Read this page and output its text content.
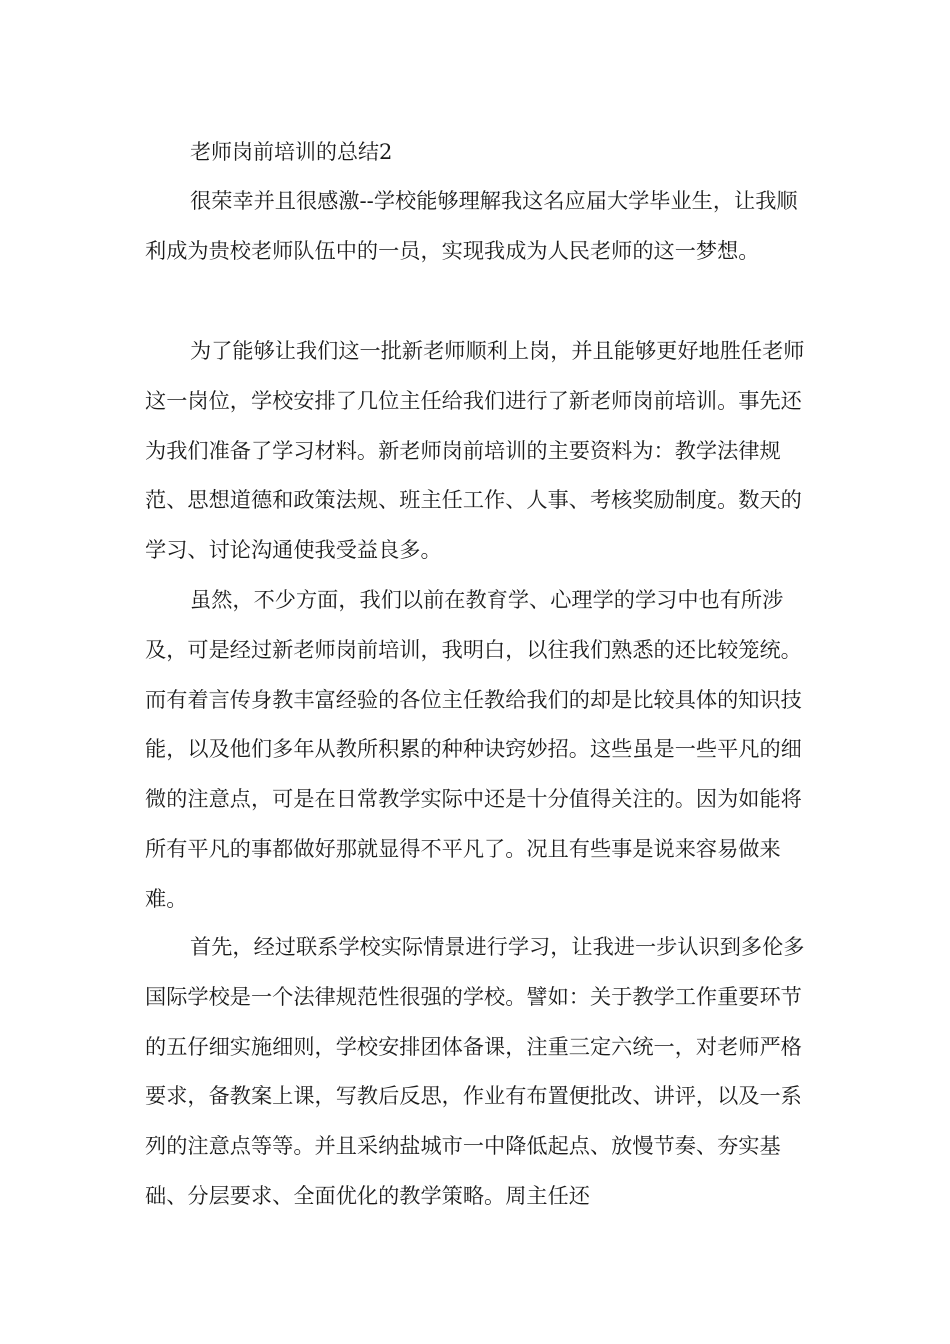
老师岗前培训的总结2

很荣幸并且很感激--学校能够理解我这名应届大学毕业生，让我顺利成为贵校老师队伍中的一员，实现我成为人民老师的这一梦想。

为了能够让我们这一批新老师顺利上岗，并且能够更好地胜任老师这一岗位，学校安排了几位主任给我们进行了新老师岗前培训。事先还为我们准备了学习材料。新老师岗前培训的主要资料为：教学法律规范、思想道德和政策法规、班主任工作、人事、考核奖励制度。数天的学习、讨论沟通使我受益良多。

虽然，不少方面，我们以前在教育学、心理学的学习中也有所涉及，可是经过新老师岗前培训，我明白，以往我们熟悉的还比较笼统。而有着言传身教丰富经验的各位主任教给我们的却是比较具体的知识技能，以及他们多年从教所积累的种种诀窍妙招。这些虽是一些平凡的细微的注意点，可是在日常教学实际中还是十分值得关注的。因为如能将所有平凡的事都做好那就显得不平凡了。况且有些事是说来容易做来难。

首先，经过联系学校实际情景进行学习，让我进一步认识到多伦多国际学校是一个法律规范性很强的学校。譬如：关于教学工作重要环节的五仔细实施细则，学校安排团体备课，注重三定六统一，对老师严格要求，备教案上课，写教后反思，作业有布置便批改、讲评，以及一系列的注意点等等。并且采纳盐城市一中降低起点、放慢节奏、夯实基础、分层要求、全面优化的教学策略。周主任还
